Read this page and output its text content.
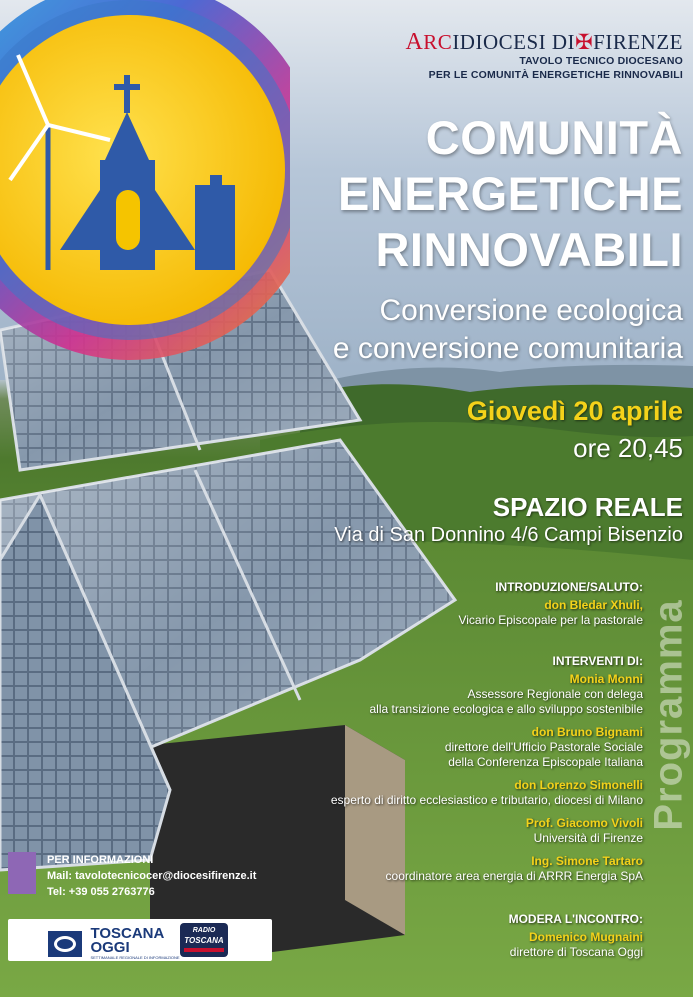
ARCIDIOCESI DI✠FIRENZE
TAVOLO TECNICO DIOCESANO
PER LE COMUNITÀ ENERGETICHE RINNOVABILI
COMUNITÀ
ENERGETICHE
RINNOVABILI
Conversione ecologica
e conversione comunitaria
Giovedì 20 aprile
ore 20,45
SPAZIO REALE
Via di San Donnino 4/6 Campi Bisenzio
Programma
INTRODUZIONE/SALUTO:
don Bledar Xhuli,
Vicario Episcopale per la pastorale
INTERVENTI DI:
Monia Monni
Assessore Regionale con delega
alla transizione ecologica e allo sviluppo sostenibile
don Bruno Bignami
direttore dell'Ufficio Pastorale Sociale
della Conferenza Episcopale Italiana
don Lorenzo Simonelli
esperto di diritto ecclesiastico e tributario, diocesi di Milano
Prof. Giacomo Vivoli
Università di Firenze
Ing. Simone Tartaro
coordinatore area energia di ARRR Energia SpA
MODERA L'INCONTRO:
Domenico Mugnaini
direttore di Toscana Oggi
PER INFORMAZIONI
Mail: tavolotecnicocer@diocesifirenze.it
Tel: +39 055 2763776

TOSCANA
OGGI
SETTIMANALE REGIONALE DI INFORMAZIONE
RADIO
TOSCANA
